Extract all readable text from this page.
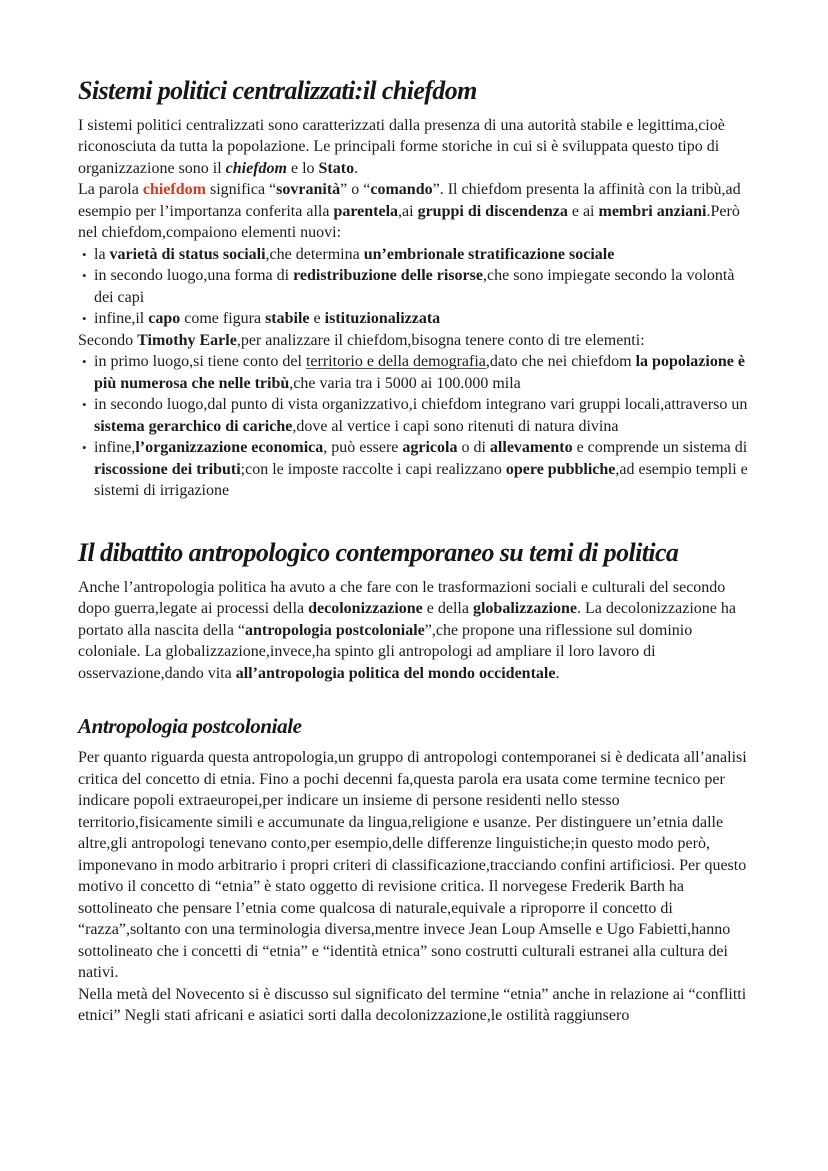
Sistemi politici centralizzati:il chiefdom

I sistemi politici centralizzati sono caratterizzati dalla presenza di una autorità stabile e legittima,cioè riconosciuta da tutta la popolazione. Le principali forme storiche in cui si è sviluppata questo tipo di organizzazione sono il chiefdom e lo Stato.

La parola chiefdom significa “sovranità” o “comando”. Il chiefdom presenta la affinità con la tribù,ad esempio per l’importanza conferita alla parentela,ai gruppi di discendenza e ai membri anziani.Però nel chiefdom,compaiono elementi nuovi:

• la varietà di status sociali,che determina un’embrionale stratificazione sociale
• in secondo luogo,una forma di redistribuzione delle risorse,che sono impiegate secondo la volontà dei capi
• infine,il capo come figura stabile e istituzionalizzata

Secondo Timothy Earle,per analizzare il chiefdom,bisogna tenere conto di tre elementi:

• in primo luogo,si tiene conto del territorio e della demografia,dato che nei chiefdom la popolazione è più numerosa che nelle tribù,che varia tra i 5000 ai 100.000 mila
• in secondo luogo,dal punto di vista organizzativo,i chiefdom integrano vari gruppi locali,attraverso un sistema gerarchico di cariche,dove al vertice i capi sono ritenuti di natura divina
• infine,l’organizzazione economica, può essere agricola o di allevamento e comprende un sistema di riscossione dei tributi;con le imposte raccolte i capi realizzano opere pubbliche,ad esempio templi e sistemi di irrigazione
Il dibattito antropologico contemporaneo su temi di politica

Anche l’antropologia politica ha avuto a che fare con le trasformazioni sociali e culturali del secondo dopo guerra,legate ai processi della decolonizzazione e della globalizzazione. La decolonizzazione ha portato alla nascita della “antropologia postcoloniale”,che propone una riflessione sul dominio coloniale. La globalizzazione,invece,ha spinto gli antropologi ad ampliare il loro lavoro di osservazione,dando vita all’antropologia politica del mondo occidentale.

Antropologia postcoloniale

Per quanto riguarda questa antropologia,un gruppo di antropologi contemporanei si è dedicata all’analisi critica del concetto di etnia. Fino a pochi decenni fa,questa parola era usata come termine tecnico per indicare popoli extraeuropei,per indicare un insieme di persone residenti nello stesso territorio,fisicamente simili e accumunate da lingua,religione e usanze. Per distinguere un’etnia dalle altre,gli antropologi tenevano conto,per esempio,delle differenze linguistiche;in questo modo però, imponevano in modo arbitrario i propri criteri di classificazione,tracciando confini artificiosi. Per questo motivo il concetto di “etnia” è stato oggetto di revisione critica. Il norvegese Frederik Barth ha sottolineato che pensare l’etnia come qualcosa di naturale,equivale a riproporre il concetto di “razza”,soltanto con una terminologia diversa,mentre invece Jean Loup Amselle e Ugo Fabietti,hanno sottolineato che i concetti di “etnia” e “identità etnica” sono costrutti culturali estranei alla cultura dei nativi.

Nella metà del Novecento si è discusso sul significato del termine “etnia” anche in relazione ai “conflitti etnici” Negli stati africani e asiatici sorti dalla decolonizzazione,le ostilità raggiunsero
